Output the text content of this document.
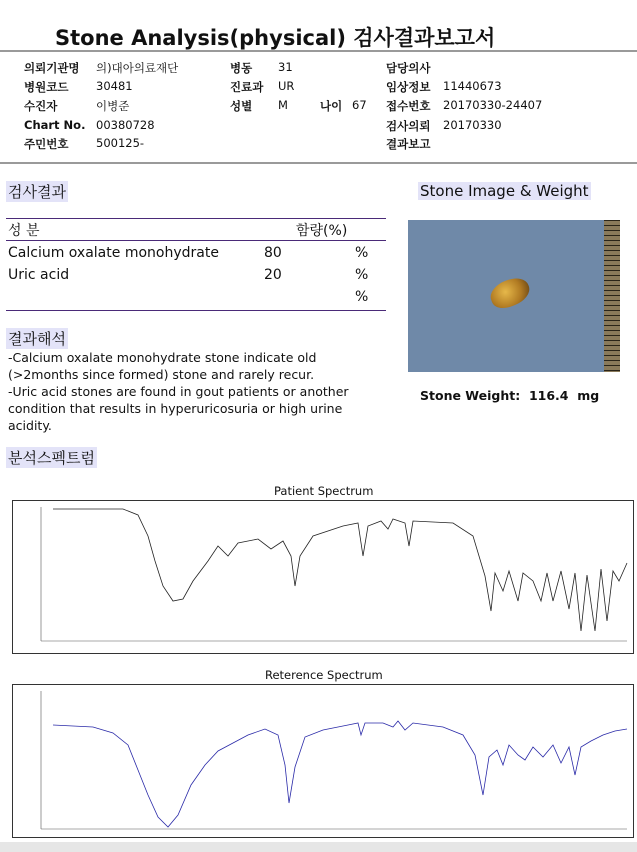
Stone Analysis(physical) 검사결과보고서
의뢰기관명 의)대아의료재단
병원코드 30481
수진자	이병준
Chart No. 00380728
주민번호 500125-
병동 31
진료과 UR
성별 M	나이 67
담당의사
임상정보 11440673
접수번호 20170330-24407
검사의뢰 20170330
결과보고
검사결과
성 분	함량(%)
Calcium oxalate monohydrate	80	%
Uric acid	20	%
%
결과해석
-Calcium oxalate monohydrate stone indicate old
(>2months since formed) stone and rarely recur.
-Uric acid stones are found in gout patients or another
condition that results in hyperuricosuria or high urine
acidity.
Stone Image & Weight
Stone Weight: 116.4 mg
분석스펙트럼
Patient Spectrum
Reterence Spectrum
